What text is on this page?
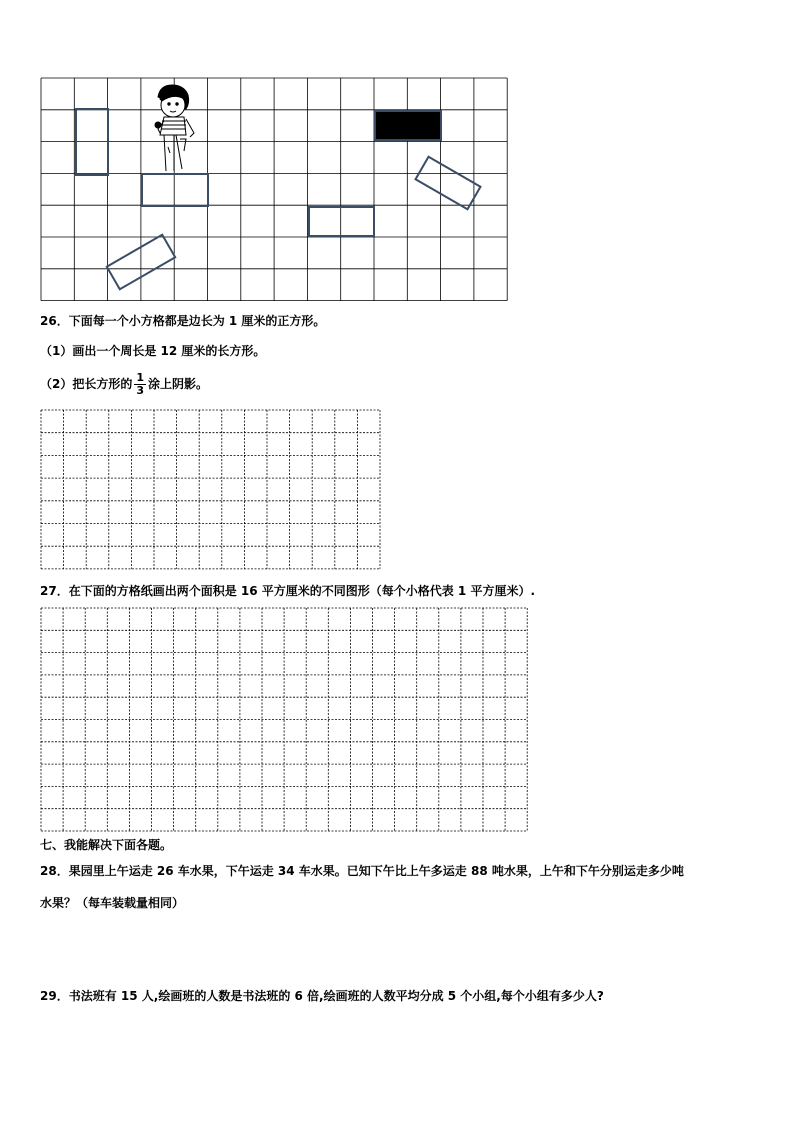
26．下面每一个小方格都是边长为 1 厘米的正方形。
（1）画出一个周长是 12 厘米的长方形。
（2）把长方形的 $\frac{1}{3}$ 涂上阴影。
27．在下面的方格纸画出两个面积是 16 平方厘米的不同图形（每个小格代表 1 平方厘米）.
七、我能解决下面各题。
28．果园里上午运走 26 车水果，下午运走 34 车水果。已知下午比上午多运走 88 吨水果，上午和下午分别运走多少吨
水果？（每车装载量相同）
29．书法班有 15 人,绘画班的人数是书法班的 6 倍,绘画班的人数平均分成 5 个小组,每个小组有多少人?
